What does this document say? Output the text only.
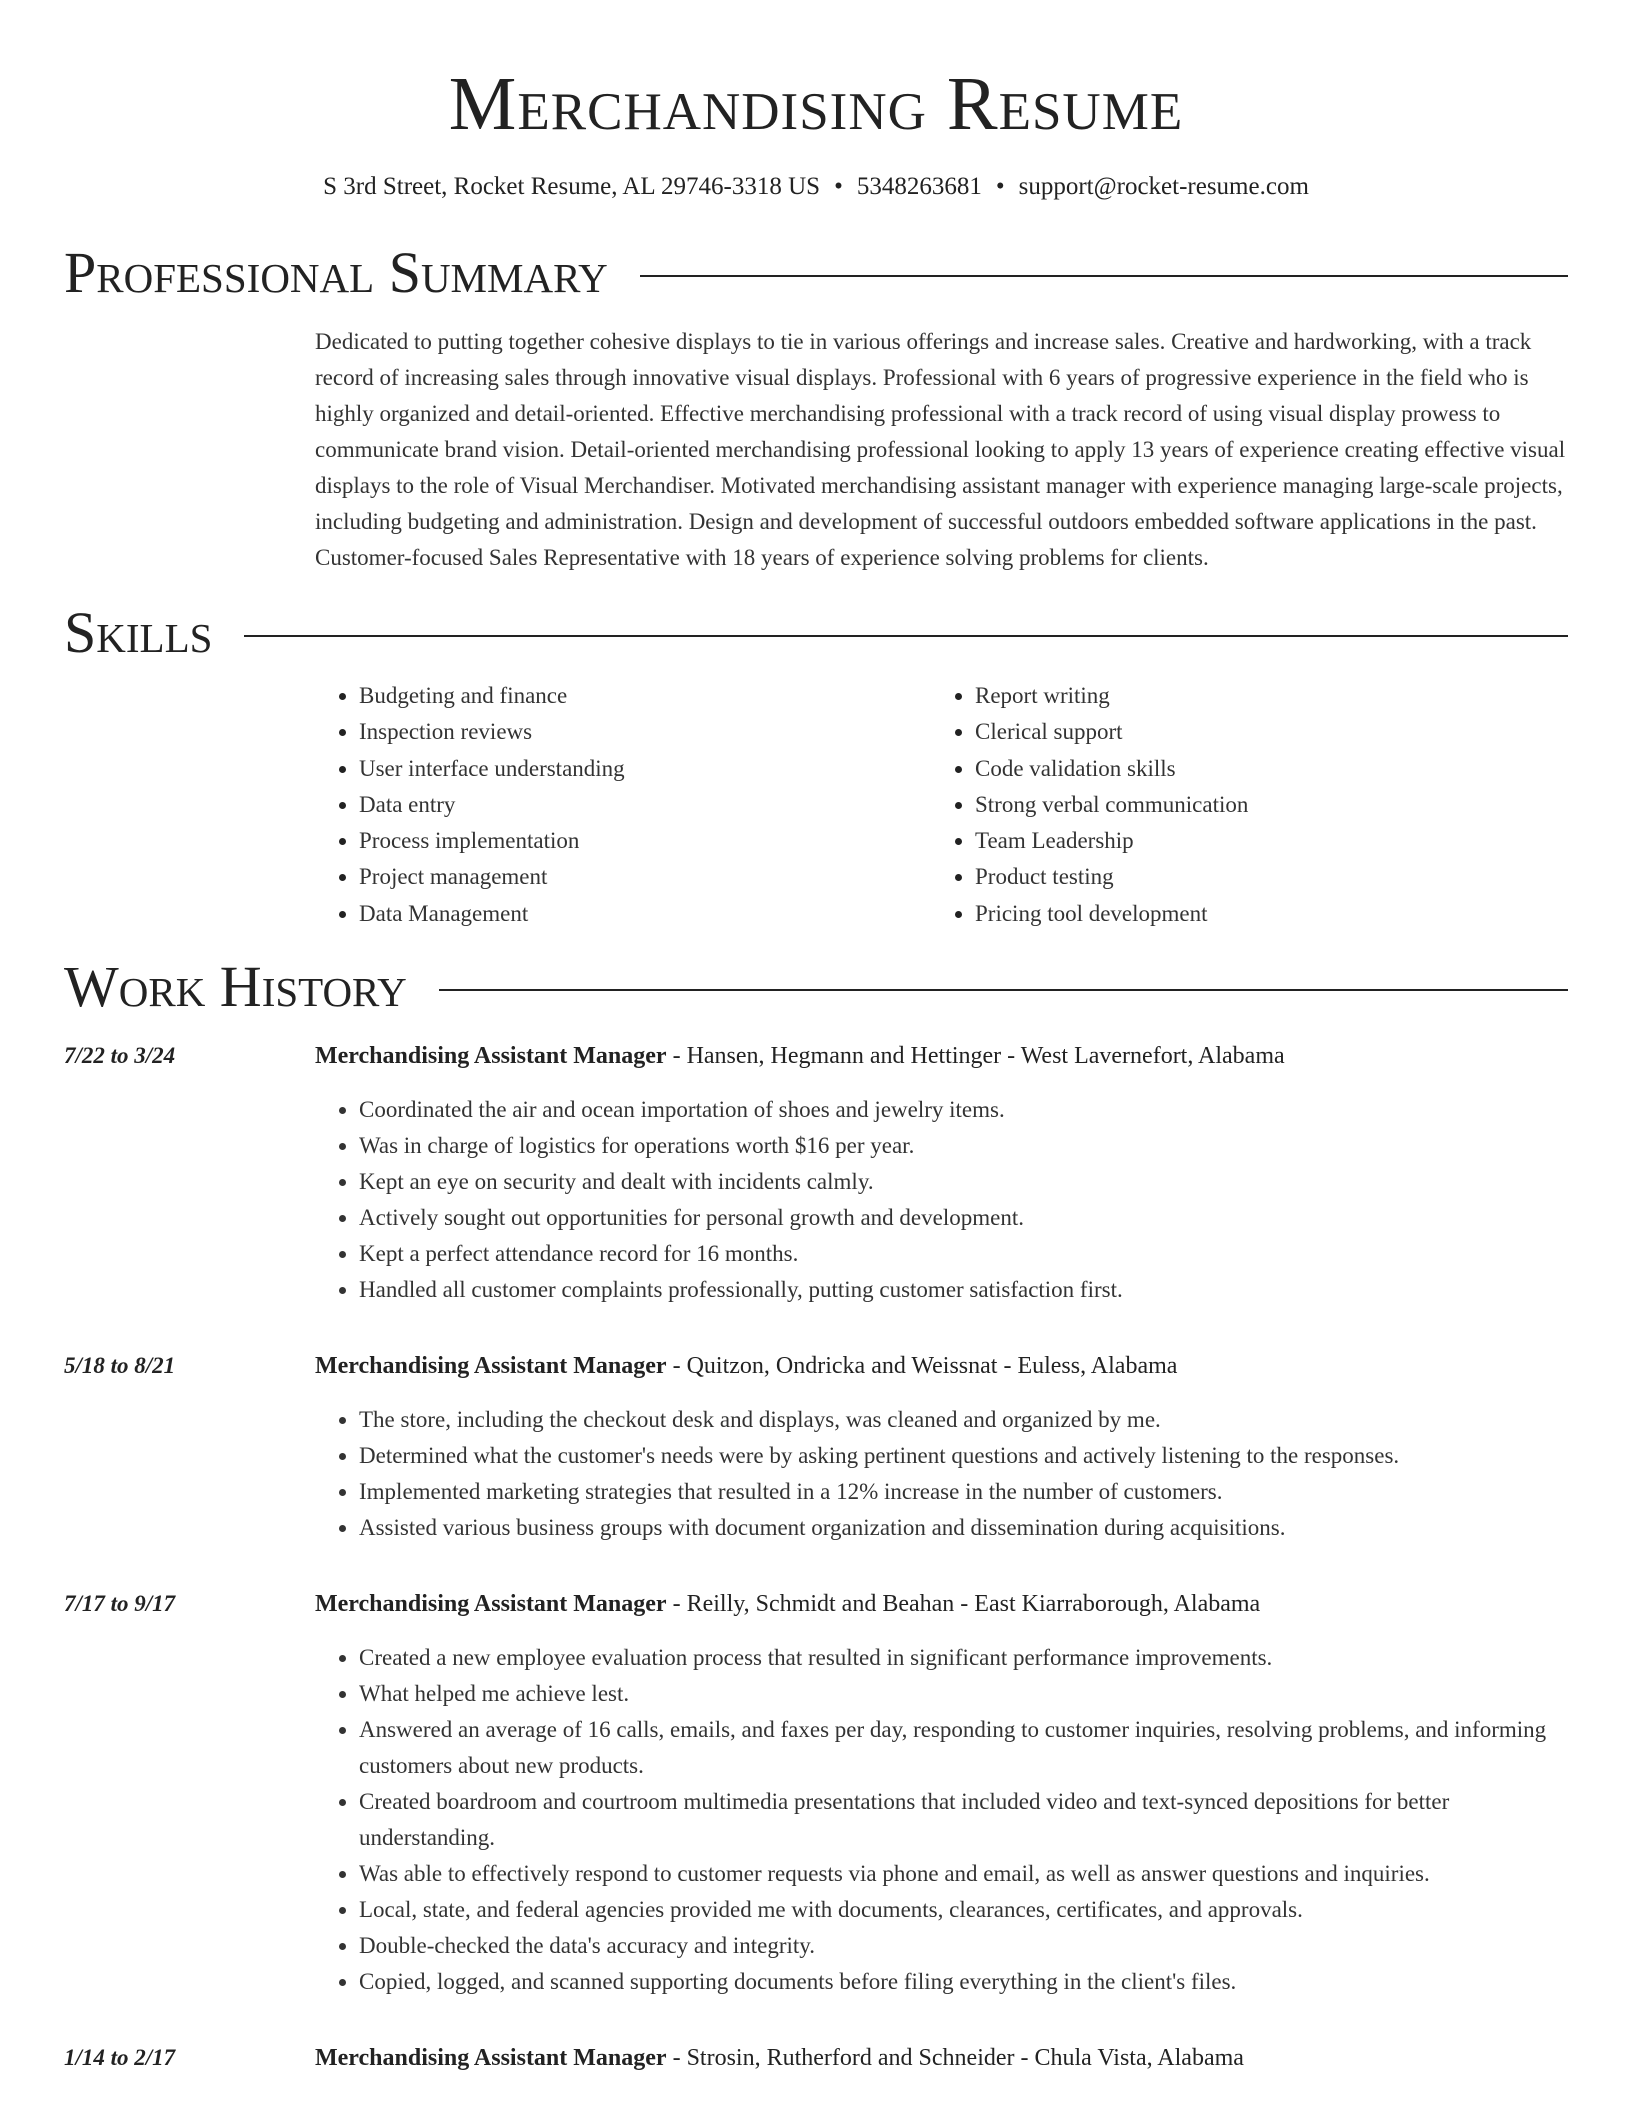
Merchandising Resume
S 3rd Street, Rocket Resume, AL 29746-3318 US • 5348263681 • support@rocket-resume.com
Professional Summary
Dedicated to putting together cohesive displays to tie in various offerings and increase sales. Creative and hardworking, with a track record of increasing sales through innovative visual displays. Professional with 6 years of progressive experience in the field who is highly organized and detail-oriented. Effective merchandising professional with a track record of using visual display prowess to communicate brand vision. Detail-oriented merchandising professional looking to apply 13 years of experience creating effective visual displays to the role of Visual Merchandiser. Motivated merchandising assistant manager with experience managing large-scale projects, including budgeting and administration. Design and development of successful outdoors embedded software applications in the past. Customer-focused Sales Representative with 18 years of experience solving problems for clients.
Skills
• Budgeting and finance
• Inspection reviews
• User interface understanding
• Data entry
• Process implementation
• Project management
• Data Management
• Report writing
• Clerical support
• Code validation skills
• Strong verbal communication
• Team Leadership
• Product testing
• Pricing tool development
Work History
7/22 to 3/24	Merchandising Assistant Manager - Hansen, Hegmann and Hettinger - West Lavernefort, Alabama
• Coordinated the air and ocean importation of shoes and jewelry items.
• Was in charge of logistics for operations worth $16 per year.
• Kept an eye on security and dealt with incidents calmly.
• Actively sought out opportunities for personal growth and development.
• Kept a perfect attendance record for 16 months.
• Handled all customer complaints professionally, putting customer satisfaction first.
5/18 to 8/21	Merchandising Assistant Manager - Quitzon, Ondricka and Weissnat - Euless, Alabama
• The store, including the checkout desk and displays, was cleaned and organized by me.
• Determined what the customer's needs were by asking pertinent questions and actively listening to the responses.
• Implemented marketing strategies that resulted in a 12% increase in the number of customers.
• Assisted various business groups with document organization and dissemination during acquisitions.
7/17 to 9/17	Merchandising Assistant Manager - Reilly, Schmidt and Beahan - East Kiarraborough, Alabama
• Created a new employee evaluation process that resulted in significant performance improvements.
• What helped me achieve lest.
• Answered an average of 16 calls, emails, and faxes per day, responding to customer inquiries, resolving problems, and informing customers about new products.
• Created boardroom and courtroom multimedia presentations that included video and text-synced depositions for better understanding.
• Was able to effectively respond to customer requests via phone and email, as well as answer questions and inquiries.
• Local, state, and federal agencies provided me with documents, clearances, certificates, and approvals.
• Double-checked the data's accuracy and integrity.
• Copied, logged, and scanned supporting documents before filing everything in the client's files.
1/14 to 2/17	Merchandising Assistant Manager - Strosin, Rutherford and Schneider - Chula Vista, Alabama
